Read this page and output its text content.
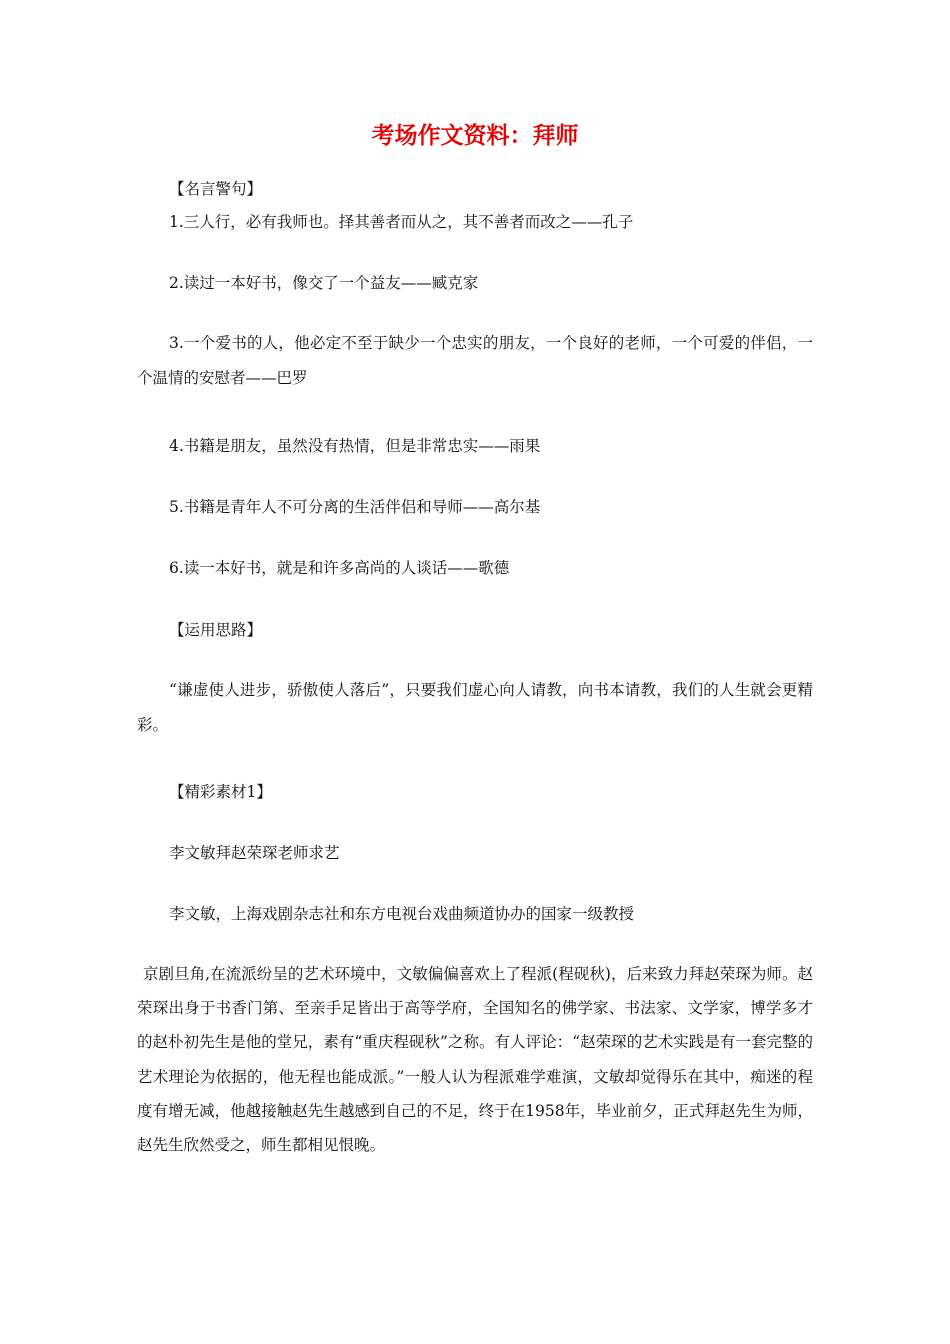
考场作文资料：拜师

【名言警句】

1.三人行，必有我师也。择其善者而从之，其不善者而改之——孔子

2.读过一本好书，像交了一个益友——臧克家

3.一个爱书的人，他必定不至于缺少一个忠实的朋友，一个良好的老师，一个可爱的伴侣，一个温情的安慰者——巴罗

4.书籍是朋友，虽然没有热情，但是非常忠实——雨果

5.书籍是青年人不可分离的生活伴侣和导师——高尔基

6.读一本好书，就是和许多高尚的人谈话——歌德

【运用思路】

“谦虚使人进步，骄傲使人落后”，只要我们虚心向人请教，向书本请教，我们的人生就会更精彩。

【精彩素材1】

李文敏拜赵荣琛老师求艺

李文敏，上海戏剧杂志社和东方电视台戏曲频道协办的国家一级教授

京剧旦角,在流派纷呈的艺术环境中，文敏偏偏喜欢上了程派(程砚秋)，后来致力拜赵荣琛为师。赵荣琛出身于书香门第、至亲手足皆出于高等学府，全国知名的佛学家、书法家、文学家，博学多才的赵朴初先生是他的堂兄，素有“重庆程砚秋”之称。有人评论：“赵荣琛的艺术实践是有一套完整的艺术理论为依据的，他无程也能成派。”一般人认为程派难学难演，文敏却觉得乐在其中，痴迷的程度有增无减，他越接触赵先生越感到自己的不足，终于在1958年，毕业前夕，正式拜赵先生为师，赵先生欣然受之，师生都相见恨晚。
